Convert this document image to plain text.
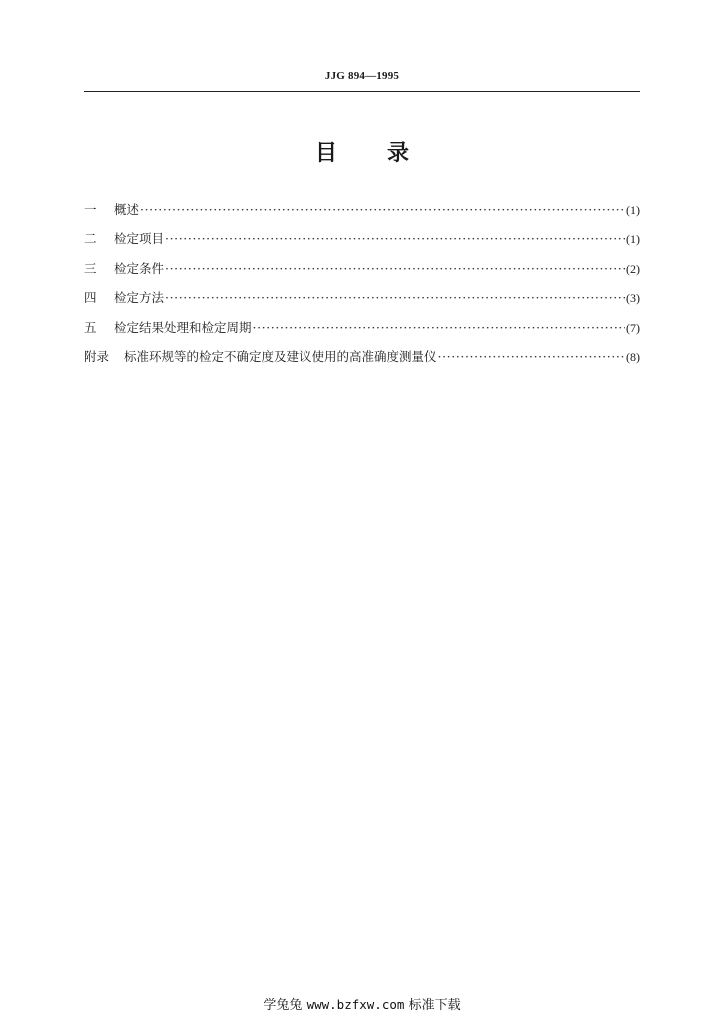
JJG 894—1995
目 录
一	概述 ·····	(1)
二	检定项目 ·····	(1)
三	检定条件 ·····	(2)
四	检定方法 ·····	(3)
五	检定结果处理和检定周期 ·····	(7)
附录 标准环规等的检定不确定度及建议使用的高准确度测量仪 ·····	(8)
学兔兔 www.bzfxw.com 标准下载
